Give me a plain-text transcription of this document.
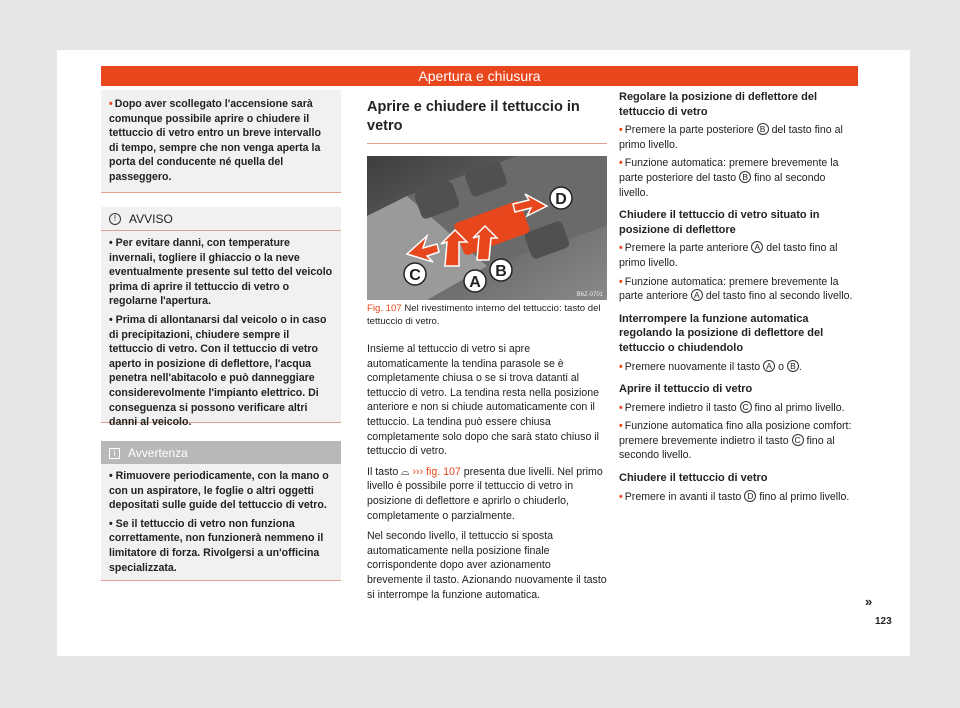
Apertura e chiusura

• Dopo aver scollegato l'accensione sarà comunque possibile aprire o chiudere il tettuccio di vetro entro un breve intervallo di tempo, sempre che non venga aperta la porta del conducente né quella del passeggero.

!	AVVISO

• Per evitare danni, con temperature invernali, togliere il ghiaccio o la neve eventualmente presente sul tetto del veicolo prima di aprire il tettuccio di vetro o regolarne l'apertura.

• Prima di allontanarsi dal veicolo o in caso di precipitazioni, chiudere sempre il tettuccio di vetro. Con il tettuccio di vetro aperto in posizione di deflettore, l'acqua penetra nell'abitacolo e può danneggiare considerevolmente l'impianto elettrico. Di conseguenza si possono verificare altri danni al veicolo.

i	Avvertenza

• Rimuovere periodicamente, con la mano o con un aspiratore, le foglie o altri oggetti depositati sulle guide del tettuccio di vetro.

• Se il tettuccio di vetro non funziona correttamente, non funzionerà nemmeno il limitatore di forza. Rivolgersi a un'officina specializzata.

Aprire e chiudere il tettuccio in vetro
C	A
B
D
B6Z-0701

Fig. 107 Nel rivestimento interno del tettuccio: tasto del tettuccio di vetro.

Insieme al tettuccio di vetro si apre automaticamente la tendina parasole se è completamente chiusa o se si trova datanti al tettuccio di vetro. La tendina resta nella posizione anteriore e non si chiude automaticamente con il tettuccio. La tendina può essere chiusa completamente solo dopo che sarà stato chiuso il tettuccio di vetro.

Il tasto ⌓ ››› fig. 107 presenta due livelli. Nel primo livello è possibile porre il tettuccio di vetro in posizione di deflettore e aprirlo o chiuderlo, completamente o parzialmente.

Nel secondo livello, il tettuccio si sposta automaticamente nella posizione finale corrispondente dopo aver azionamento brevemente il tasto. Azionando nuovamente il tasto si interrompe la funzione automatica.

Regolare la posizione di deflettore del tettuccio di vetro

• Premere la parte posteriore B del tasto fino al primo livello.

• Funzione automatica: premere brevemente la parte posteriore del tasto B fino al secondo livello.

Chiudere il tettuccio di vetro situato in posizione di deflettore

• Premere la parte anteriore A del tasto fino al primo livello.

• Funzione automatica: premere brevemente la parte anteriore A del tasto fino al secondo livello.

Interrompere la funzione automatica regolando la posizione di deflettore del tettuccio o chiudendolo

• Premere nuovamente il tasto A o B .

Aprire il tettuccio di vetro

• Premere indietro il tasto C fino al primo livello.

• Funzione automatica fino alla posizione comfort: premere brevemente indietro il tasto C fino al secondo livello.

Chiudere il tettuccio di vetro

• Premere in avanti il tasto D fino al primo livello.

»
123
